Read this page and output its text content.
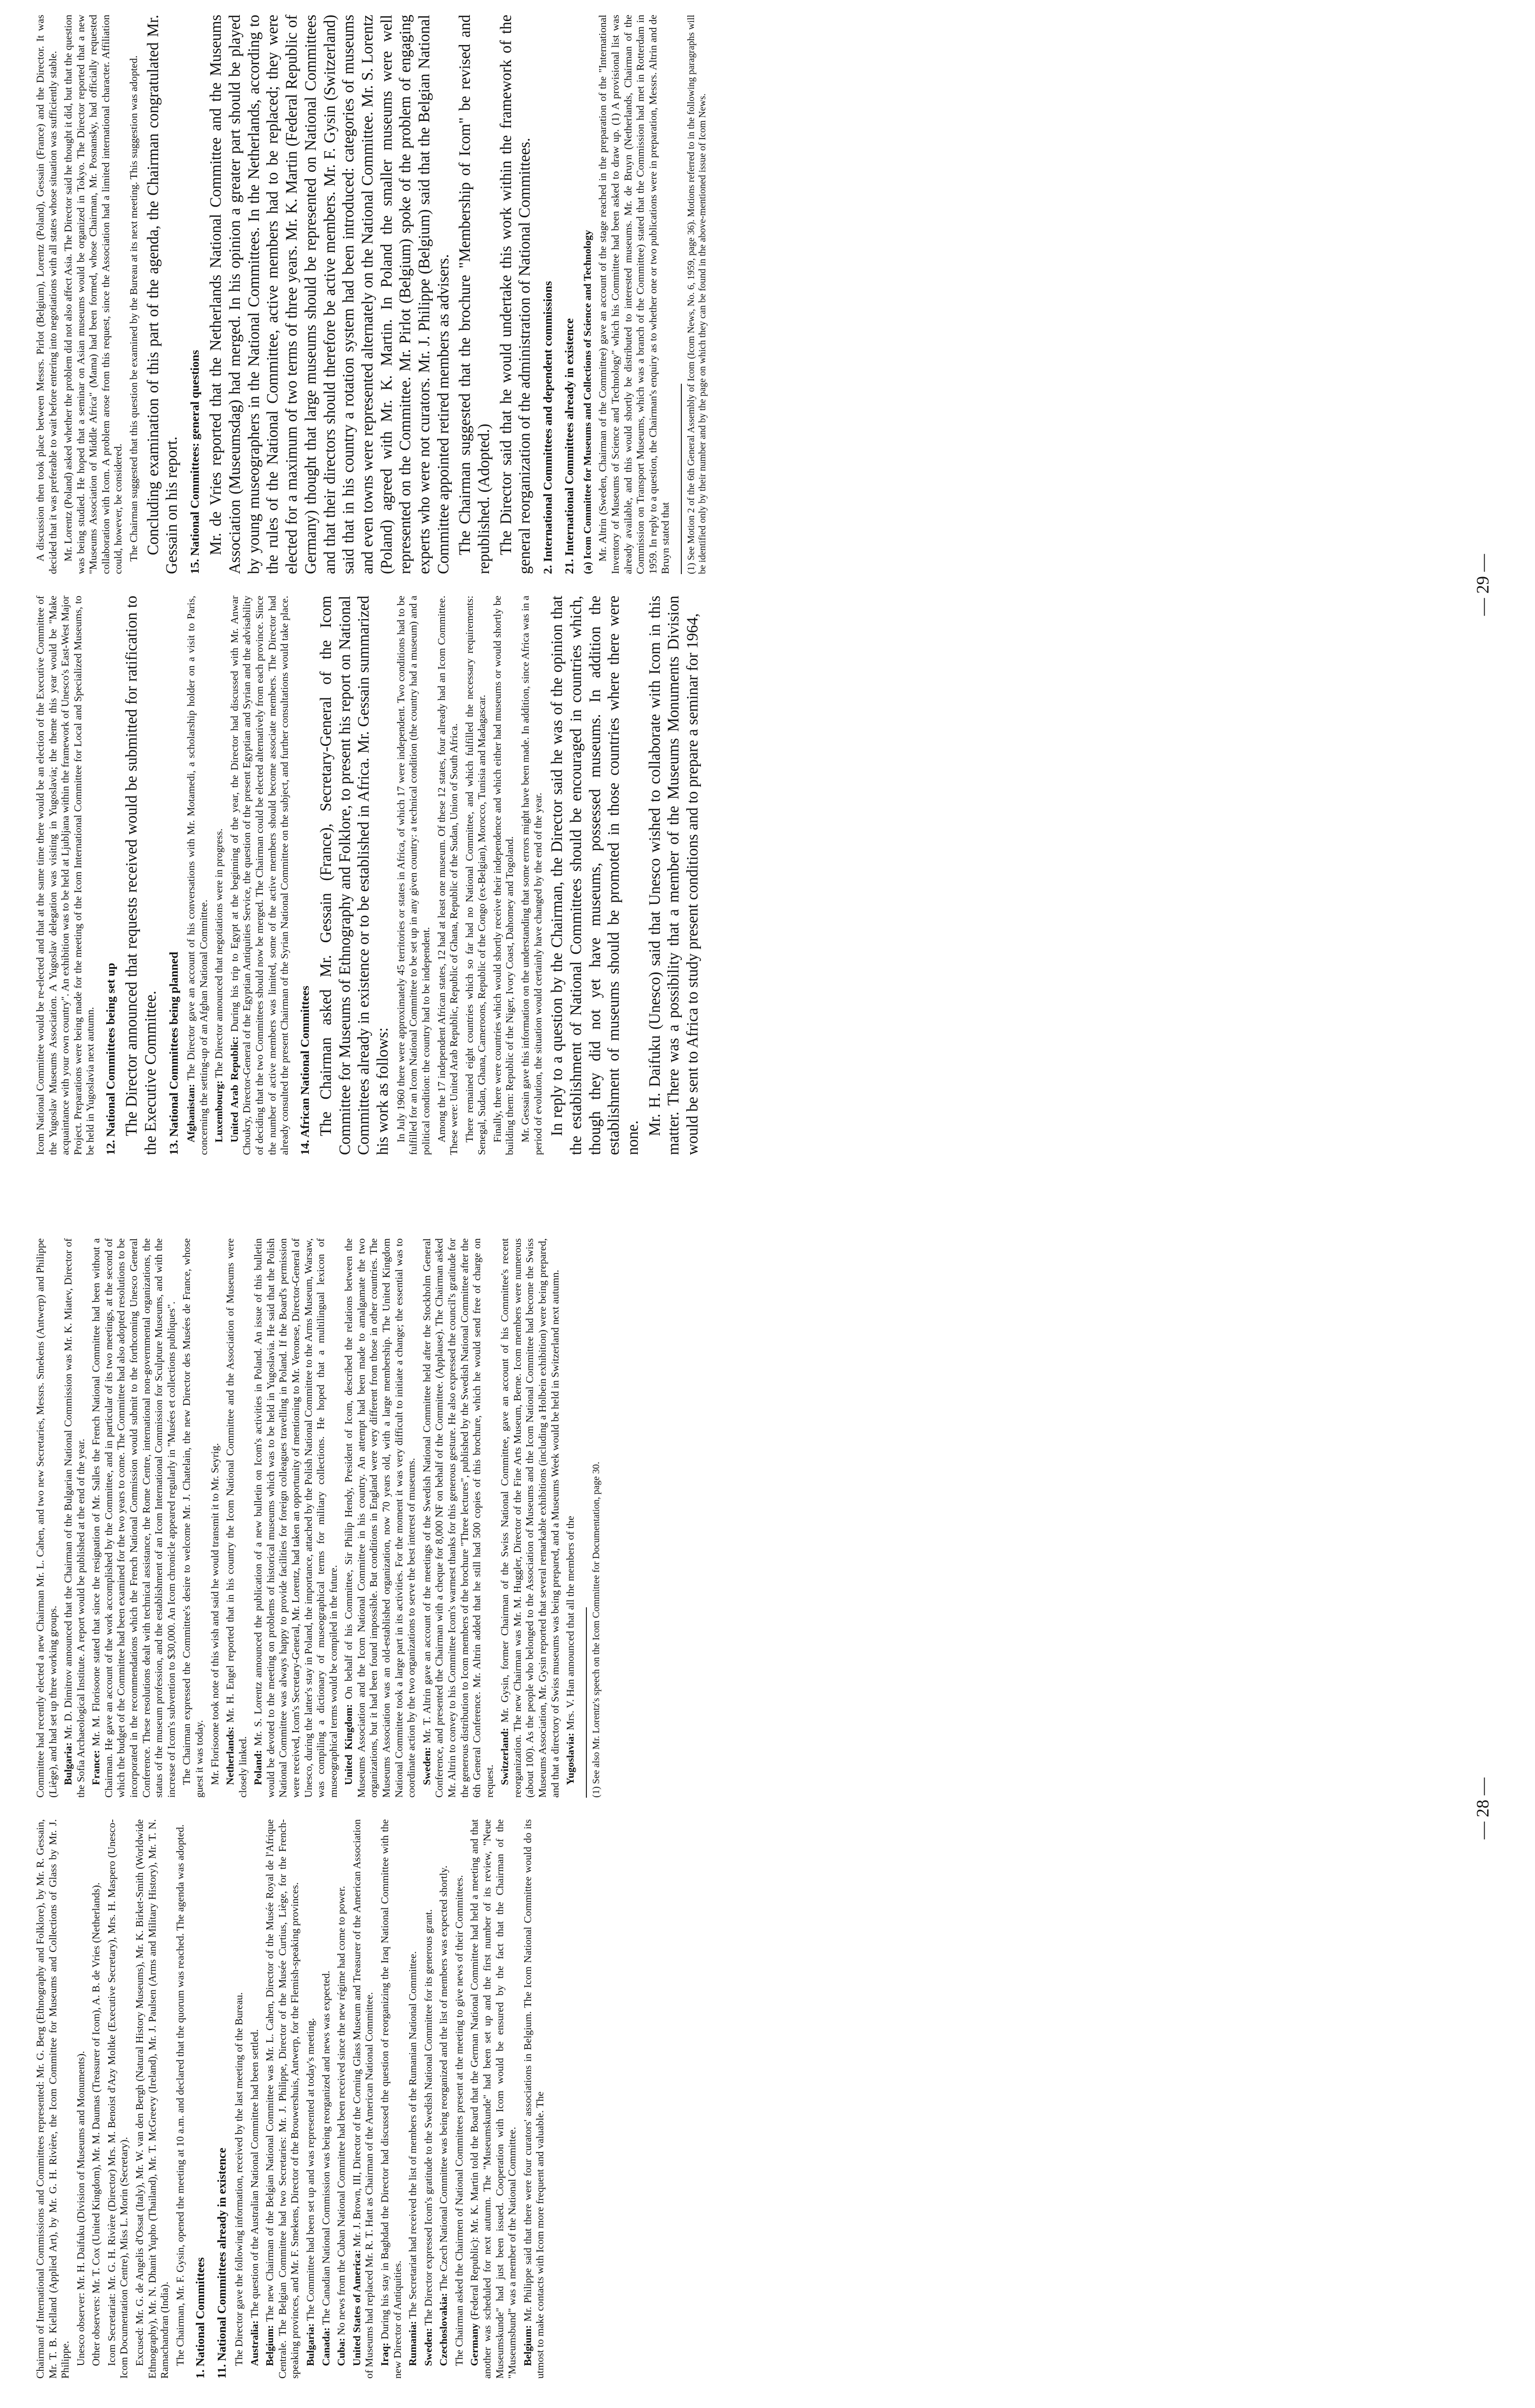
Chairman of International Commissions and Committees represented: Mr. G. Berg (Ethnography and Folklore), by Mr. R. Gessain, Mr. T. B. Kielland (Applied Art), by Mr. G. H. Rivière, the Icom Committee for Museums and Collections of Glass by Mr. J. Philippe. Unesco observer: Mr. H. Daifuku (Division of Museums and Monuments). Other observers: Mr. T. Cox (United Kingdom), Mr. M. Daumas (Treasurer of Icom), A. B. de Vries (Netherlands). Icom Secretariat: Mr. G. H. Rivière (Director) Mrs. M. Benoist d'Azy Moltke (Executive Secretary), Mrs. H. Maspero (Unesco-Icom Documentation Centre), Miss L. Morin (Secretary). Excused: Mr. G. de Angelis d'Ossat (Italy), Mr. W. van den Bergh (Natural History Museums), Mr. K. Birket-Smith (Worldwide Ethnography), Mr. N. Dhanit Yupho (Thailand), Mr. T. McGreevy (Ireland), Mr. J. Paulsen (Arms and Military History), Mr. T. N. Ramachandran (India). The Chairman, Mr. F. Gysin, opened the meeting at 10 a.m. and declared that the quorum was reached. The agenda was adopted. 1. National Committees 11. National Committees already in existence The Director gave the following information, received by the last meeting of the Bureau. Australia: The question of the Australian National Committee had been settled.

Belgium: The new Chairman of the Belgian National Committee was Mr. L. Cahen, Director of the Musée Royal de l'Afrique Centrale. The Belgian Committee had two Secretaries: Mr. J. Philippe, Director of the Musée Curtius, Liège, for the French-speaking provinces, and Mr. F. Smekens, Director of the Brouwershuis, Antwerp, for the Flemish-speaking provinces. Bulgaria: The Committee had been set up and was represented at today's meeting.

Canada: The Canadian National Commission was being reorganized and news was expected.

Cuba: No news from the Cuban National Committee had been received since the new régime had come to power. United States of America: Mr. J. Brown, III, Director of the Corning Glass Museum and Treasurer of the American Association of Museums had replaced Mr. R. T. Hatt as Chairman of the American National Committee. Iraq: During his stay in Baghdad the Director had discussed the question of reorganizing the Iraq National Committee with the new Director of Antiquities. Rumania: The Secretariat had received the list of members of the Rumanian National Committee.

Sweden: The Director expressed Icom's gratitude to the Swedish National Committee for its generous grant.

Czechoslovakia: The Czech National Committee was being reorganized and the list of members was expected shortly. The Chairman asked the Chairmen of National Committees present at the meeting to give news of their Committees. Germany (Federal Republic): Mr. K. Martin told the Board that the German National Committee had held a meeting and that another was scheduled for next autumn. The "Museumskunde" had been set up and the first number of its review, "Neue Museumskunde" had just been issued. Cooperation with Icom would be ensured by the fact that the Chairman of the "Museumsbund" was a member of the National Committee. Belgium: Mr. Philippe said that there were four curators' associations in Belgium. The Icom National Committee would do its utmost to make contacts with Icom more frequent and valuable. The

Committee had recently elected a new Chairman Mr. L. Cahen, and two new Secretaries, Messrs. Smekens (Antwerp) and Philippe (Liège), and had set up three working groups. Bulgaria: Mr. D. Dimitrov announced that the Chairman of the Bulgarian National Commission was Mr. K. Miatev, Director of the Sofia Archaeological Institute. A report would be published at the end of the year. France: Mr. M. Florisoone stated that since the resignation of Mr. Salles the French National Committee had been without a Chairman. He gave an account of the work accomplished by the Committee, and in particular of its two meetings, at the second of which the budget of the Committee had been examined for the two years to come. The Committee had also adopted resolutions to be incorporated in the recommendations which the French National Commission would submit to the forthcoming Unesco General Conference. These resolutions dealt with technical assistance, the Rome Centre, international non-governmental organizations, the status of the museum profession, and the establishment of an Icom International Commission for Sculpture Museums, and with the increase of Icom's subvention to $30,000. An Icom chronicle appeared regularly in "Musées et collections publiques". The Chairman expressed the Committee's desire to welcome Mr. J. Chatelain, the new Director des Musées de France, whose guest it was today. Mr. Florisoone took note of this wish and said he would transmit it to Mr. Seyrig. Netherlands: Mr. H. Engel reported that in his country the Icom National Committee and the Association of Museums were closely linked. Poland: Mr. S. Lorentz announced the publication of a new bulletin on Icom's activities in Poland. An issue of this bulletin would be devoted to the meeting on problems of historical museums which was to be held in Yugoslavia. He said that the Polish National Committee was always happy to provide facilities for foreign colleagues travelling in Poland. If the Board's permission were received, Icom's Secretary-General, Mr. Lorentz, had taken an opportunity of mentioning to Mr. Veronese, Director-General of Unesco, during the latter's stay in Poland, the importance, attached by the Polish National Committee to the Arms Museum, Warsaw, was compiling a dictionary of museographical terms for military collections. He hoped that a multilingual lexicon of museographical terms would be compiled in the future. United Kingdom: On behalf of his Committee, Sir Philip Hendy, President of Icom, described the relations between the Museums Association and the Icom National Committee in his country. An attempt had been made to amalgamate the two organizations, but it had been found impossible. But conditions in England were very different from those in other countries. The Museums Association was an old-established organization, now 70 years old, with a large membership. The United Kingdom National Committee took a large part in its activities. For the moment it was very difficult to initiate a change; the essential was to coordinate action by the two organizations to serve the best interest of museums. Sweden: Mr. T. Altrin gave an account of the meetings of the Swedish National Committee held after the Stockholm General Conference, and presented the Chairman with a cheque for 8,000 NF on behalf of the Committee. (Applause). The Chairman asked Mr. Altrin to convey to his Committee Icom's warmest thanks for this generous gesture. He also expressed the council's gratitude for the generous distribution to Icom members of the brochure "Three lectures", published by the Swedish National Committee after the 6th General Conference. Mr. Altrin added that he still had 500 copies of this brochure, which he would send free of charge on request. Switzerland: Mr. Gysin, former Chairman of the Swiss National Committee, gave an account of his Committee's recent reorganization. The new Chairman was Mr. M. Huggler, Director of the Fine Arts Museum, Berne. Icom members were numerous (about 100). As the people who belonged to the Association of Museums and the Icom National Committee had become the Swiss Museums Association, Mr. Gysin reported that several remarkable exhibitions (including a Holbein exhibition) were being prepared, and that a directory of Swiss museums was being prepared, and a Museums Week would be held in Switzerland next autumn. Yugoslavia: Mrs. V. Han announced that all the members of the (1) See also Mr. Lorentz's speech on the Icom Committee for Documentation, page 30.

— 28 —

Icom National Committee would be re-elected and that at the same time there would be an election of the Executive Committee of the Yugoslav Museums Association. A Yugoslav delegation was visiting in Yugoslavia; the theme this year would be "Make acquaintance with your own country". An exhibition was to be held at Ljubljana within the framework of Unesco's East-West Major Project. Preparations were being made for the meeting of the Icom International Committee for Local and Specialized Museums, to be held in Yugoslavia next autumn. 12. National Committees being set up The Director announced that requests received would be submitted for ratification to the Executive Committee. 13. National Committees being planned Afghanistan: The Director gave an account of his conversations with Mr. Motamedi, a scholarship holder on a visit to Paris, concerning the setting-up of an Afghan National Committee. Luxembourg: The Director announced that negotiations were in progress.

United Arab Republic: During his trip to Egypt at the beginning of the year, the Director had discussed with Mr. Anwar Choukry, Director-General of the Egyptian Antiquities Service, the question of the present Egyptian and Syrian and the advisability of deciding that the two Committees should now be merged. The Chairman could be elected alternatively from each province. Since the number of active members was limited, some of the active members should become associate members. The Director had already consulted the present Chairman of the Syrian National Committee on the subject, and further consultations would take place. 14. African National Committees The Chairman asked Mr. Gessain (France), Secretary-General of the Icom Committee for Museums of Ethnography and Folklore, to present his report on National Committees already in existence or to be established in Africa. Mr. Gessain summarized his work as follows: In July 1960 there were approximately 45 territories or states in Africa, of which 17 were independent. Two conditions had to be fulfilled for an Icom National Committee to be set up in any given country: a technical condition (the country had a museum) and a political condition: the country had to be independent. Among the 17 independent African states, 12 had at least one museum. Of these 12 states, four already had an Icom Committee. These were: United Arab Republic, Republic of Ghana, Republic of the Sudan, Union of South Africa. There remained eight countries which so far had no National Committee, and which fulfilled the necessary requirements: Senegal, Sudan, Ghana, Cameroons, Republic of the Congo (ex-Belgian), Morocco, Tunisia and Madagascar. Finally, there were countries which would shortly receive their independence and which either had museums or would shortly be building them: Republic of the Niger, Ivory Coast, Dahomey and Togoland. Mr. Gessain gave this information on the understanding that some errors might have been made. In addition, since Africa was in a period of evolution, the situation would certainly have changed by the end of the year. In reply to a question by the Chairman, the Director said he was of the opinion that the establishment of National Committees should be encouraged in countries which, though they did not yet have museums, possessed museums. In addition the establishment of museums should be promoted in those countries where there were none.

Mr. H. Daifuku (Unesco) said that Unesco wished to collaborate with Icom in this matter. There was a possibility that a member of the Museums Monuments Division would be sent to Africa to study present conditions and to prepare a seminar for 1964,

A discussion then took place between Messrs. Pirlot (Belgium), Lorentz (Poland), Gessain (France) and the Director. It was decided that it was preferable to wait before entering into negotiations with all states whose situation was sufficiently stable. Mr. Lorentz (Poland) asked whether the problem did not also affect Asia. The Director said he thought it did, but that the question was being studied. He hoped that a seminar on Asian museums would be organized in Tokyo. The Director reported that a new "Museums Association of Middle Africa" (Mama) had been formed, whose Chairman, Mr. Posnansky, had officially requested collaboration with Icom. A problem arose from this request, since the Association had a limited international character. Affiliation could, however, be considered. The Chairman suggested that this question be examined by the Bureau at its next meeting. This suggestion was adopted. Concluding examination of this part of the agenda, the Chairman congratulated Mr. Gessain on his report. 15. National Committees: general questions Mr. de Vries reported that the Netherlands National Committee and the Museums Association (Museumsdag) had merged. In his opinion a greater part should be played by young museographers in the National Committees. In the Netherlands, according to the rules of the National Committee, active members had to be replaced; they were elected for a maximum of two terms of three years. Mr. K. Martin (Federal Republic of Germany) thought that large museums should be represented on National Committees and that their directors should therefore be active members. Mr. F. Gysin (Switzerland) said that in his country a rotation system had been introduced: categories of museums and even towns were represented alternately on the National Committee. Mr. S. Lorentz (Poland) agreed with Mr. K. Martin. In Poland the smaller museums were well represented on the Committee. Mr. Pirlot (Belgium) spoke of the problem of engaging experts who were not curators. Mr. J. Philippe (Belgium) said that the Belgian National Committee appointed retired members as advisers. The Chairman suggested that the brochure "Membership of Icom" be revised and republished. (Adopted.) The Director said that he would undertake this work within the framework of the general reorganization of the administration of National Committees. 2. International Committees and dependent commissions 21. International Committees already in existence (a) Icom Committee for Museums and Collections of Science and Technology Mr. Altrin (Sweden, Chairman of the Committee) gave an account of the stage reached in the preparation of the "International Inventory of Museums of Science and Technology" which his Committee had been asked to draw up. (1) A provisional list was already available, and this would shortly be distributed to interested museums. Mr. de Bruyn (Netherlands, Chairman of the Commission on Transport Museums, which was a branch of the Committee) stated that the Commission had met in Rotterdam in 1959. In reply to a question, the Chairman's enquiry as to whether one or two publications were in preparation, Messrs. Altrin and de Bruyn stated that (1) See Motion 2 of the 6th General Assembly of Icom (Icom News, No. 6, 1959, page 36). Motions referred to in the following paragraphs will be identified only by their number and by the page on which they can be found in the above-mentioned issue of Icom News.

— 29 —
